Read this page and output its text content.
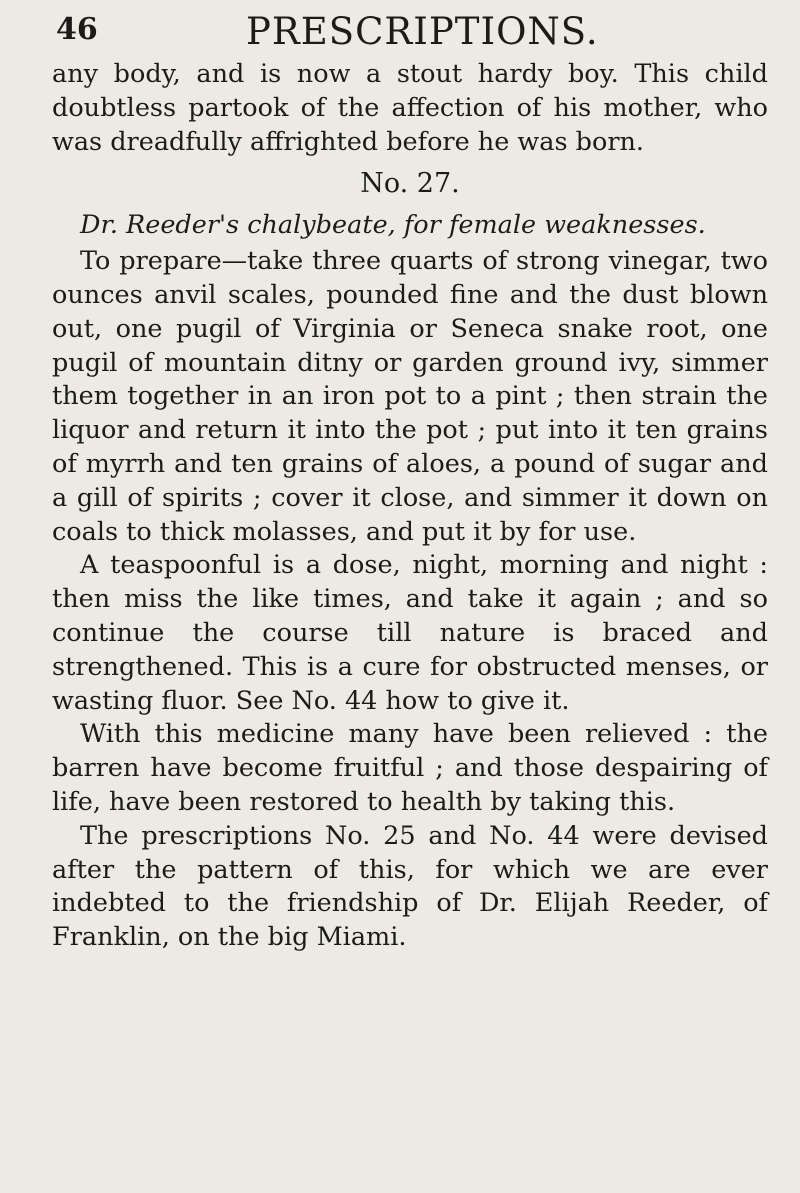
46	PRESCRIPTIONS.

any body, and is now a stout hardy boy. This child doubtless partook of the affection of his mother, who was dreadfully affrighted before he was born.

No. 27.

Dr. Reeder's chalybeate, for female weaknesses.

To prepare—take three quarts of strong vinegar, two ounces anvil scales, pounded fine and the dust blown out, one pugil of Virginia or Seneca snake root, one pugil of mountain ditny or garden ground ivy, simmer them together in an iron pot to a pint ; then strain the liquor and return it into the pot ; put into it ten grains of myrrh and ten grains of aloes, a pound of sugar and a gill of spirits ; cover it close, and simmer it down on coals to thick molasses, and put it by for use.

A teaspoonful is a dose, night, morning and night : then miss the like times, and take it again ; and so continue the course till nature is braced and strengthened. This is a cure for obstructed menses, or wasting fluor. See No. 44 how to give it.

With this medicine many have been relieved : the barren have become fruitful ; and those despairing of life, have been restored to health by taking this.

The prescriptions No. 25 and No. 44 were devised after the pattern of this, for which we are ever indebted to the friendship of Dr. Elijah Reeder, of Franklin, on the big Miami.
